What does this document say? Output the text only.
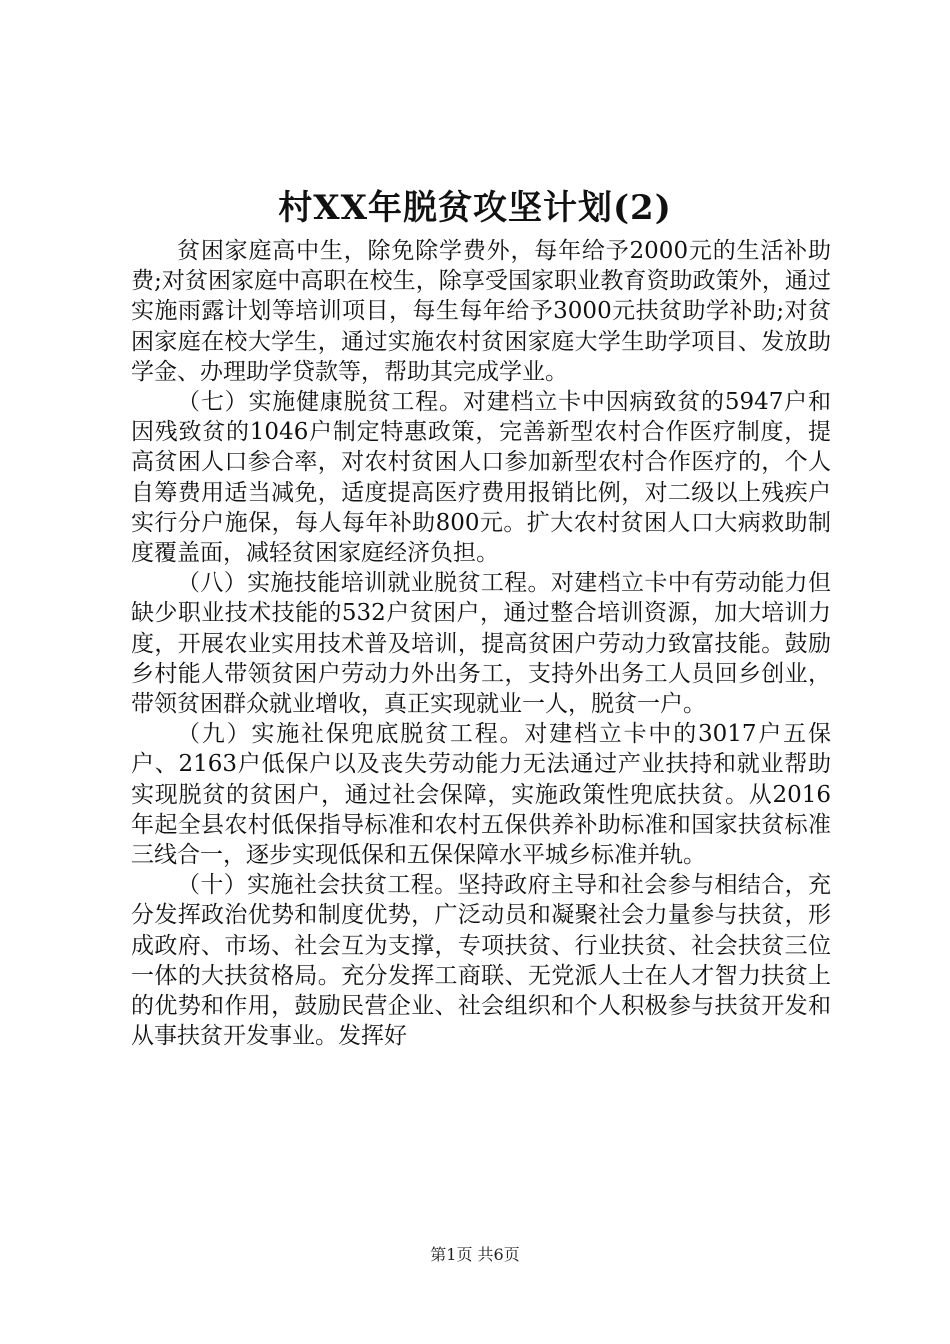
村XX年脱贫攻坚计划(2)

贫困家庭高中生，除免除学费外，每年给予2000元的生活补助费;对贫困家庭中高职在校生，除享受国家职业教育资助政策外，通过实施雨露计划等培训项目，每生每年给予3000元扶贫助学补助;对贫困家庭在校大学生，通过实施农村贫困家庭大学生助学项目、发放助学金、办理助学贷款等，帮助其完成学业。

（七）实施健康脱贫工程。对建档立卡中因病致贫的5947户和因残致贫的1046户制定特惠政策，完善新型农村合作医疗制度，提高贫困人口参合率，对农村贫困人口参加新型农村合作医疗的，个人自筹费用适当减免，适度提高医疗费用报销比例，对二级以上残疾户实行分户施保，每人每年补助800元。扩大农村贫困人口大病救助制度覆盖面，减轻贫困家庭经济负担。

（八）实施技能培训就业脱贫工程。对建档立卡中有劳动能力但缺少职业技术技能的532户贫困户，通过整合培训资源，加大培训力度，开展农业实用技术普及培训，提高贫困户劳动力致富技能。鼓励乡村能人带领贫困户劳动力外出务工，支持外出务工人员回乡创业，带领贫困群众就业增收，真正实现就业一人，脱贫一户。

（九）实施社保兜底脱贫工程。对建档立卡中的3017户五保户、2163户低保户以及丧失劳动能力无法通过产业扶持和就业帮助实现脱贫的贫困户，通过社会保障，实施政策性兜底扶贫。从2016年起全县农村低保指导标准和农村五保供养补助标准和国家扶贫标准三线合一，逐步实现低保和五保保障水平城乡标准并轨。

（十）实施社会扶贫工程。坚持政府主导和社会参与相结合，充分发挥政治优势和制度优势，广泛动员和凝聚社会力量参与扶贫，形成政府、市场、社会互为支撑，专项扶贫、行业扶贫、社会扶贫三位一体的大扶贫格局。充分发挥工商联、无党派人士在人才智力扶贫上的优势和作用，鼓励民营企业、社会组织和个人积极参与扶贫开发和从事扶贫开发事业。发挥好

第1页 共6页
